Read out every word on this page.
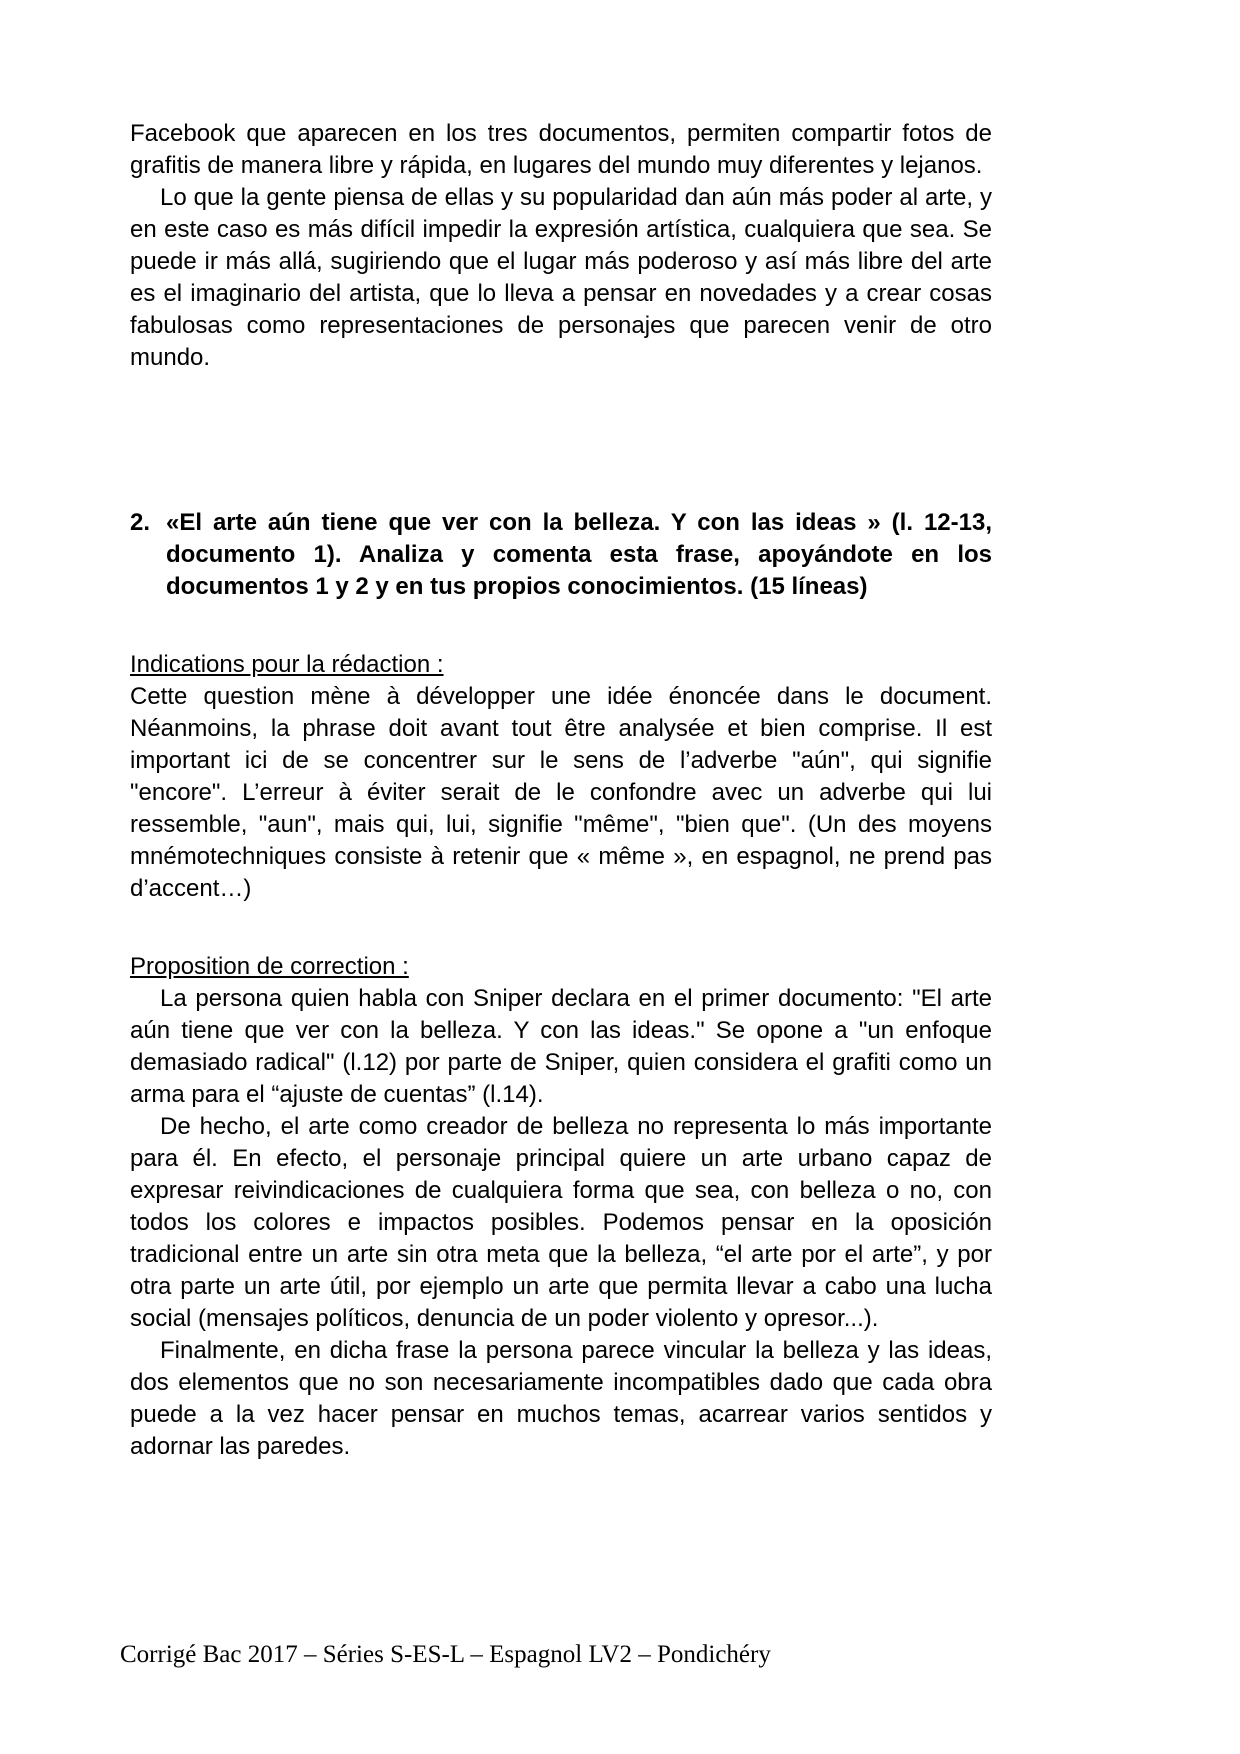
Facebook que aparecen en los tres documentos, permiten compartir fotos de grafitis de manera libre y rápida, en lugares del mundo muy diferentes y lejanos.

Lo que la gente piensa de ellas y su popularidad dan aún más poder al arte, y en este caso es más difícil impedir la expresión artística, cualquiera que sea. Se puede ir más allá, sugiriendo que el lugar más poderoso y así más libre del arte es el imaginario del artista, que lo lleva a pensar en novedades y a crear cosas fabulosas como representaciones de personajes que parecen venir de otro mundo.

2. «El arte aún tiene que ver con la belleza. Y con las ideas » (l. 12-13, documento 1). Analiza y comenta esta frase, apoyándote en los documentos 1 y 2 y en tus propios conocimientos. (15 líneas)

Indications pour la rédaction :

Cette question mène à développer une idée énoncée dans le document. Néanmoins, la phrase doit avant tout être analysée et bien comprise. Il est important ici de se concentrer sur le sens de l’adverbe "aún", qui signifie "encore". L’erreur à éviter serait de le confondre avec un adverbe qui lui ressemble, "aun", mais qui, lui, signifie "même", "bien que". (Un des moyens mnémotechniques consiste à retenir que « même », en espagnol, ne prend pas d’accent…)

Proposition de correction :

La persona quien habla con Sniper declara en el primer documento: "El arte aún tiene que ver con la belleza. Y con las ideas." Se opone a "un enfoque demasiado radical" (l.12) por parte de Sniper, quien considera el grafiti como un arma para el “ajuste de cuentas” (l.14).

De hecho, el arte como creador de belleza no representa lo más importante para él. En efecto, el personaje principal quiere un arte urbano capaz de expresar reivindicaciones de cualquiera forma que sea, con belleza o no, con todos los colores e impactos posibles. Podemos pensar en la oposición tradicional entre un arte sin otra meta que la belleza, “el arte por el arte”, y por otra parte un arte útil, por ejemplo un arte que permita llevar a cabo una lucha social (mensajes políticos, denuncia de un poder violento y opresor...).

Finalmente, en dicha frase la persona parece vincular la belleza y las ideas, dos elementos que no son necesariamente incompatibles dado que cada obra puede a la vez hacer pensar en muchos temas, acarrear varios sentidos y adornar las paredes.

Corrigé Bac 2017 – Séries S-ES-L – Espagnol LV2 – Pondichéry
